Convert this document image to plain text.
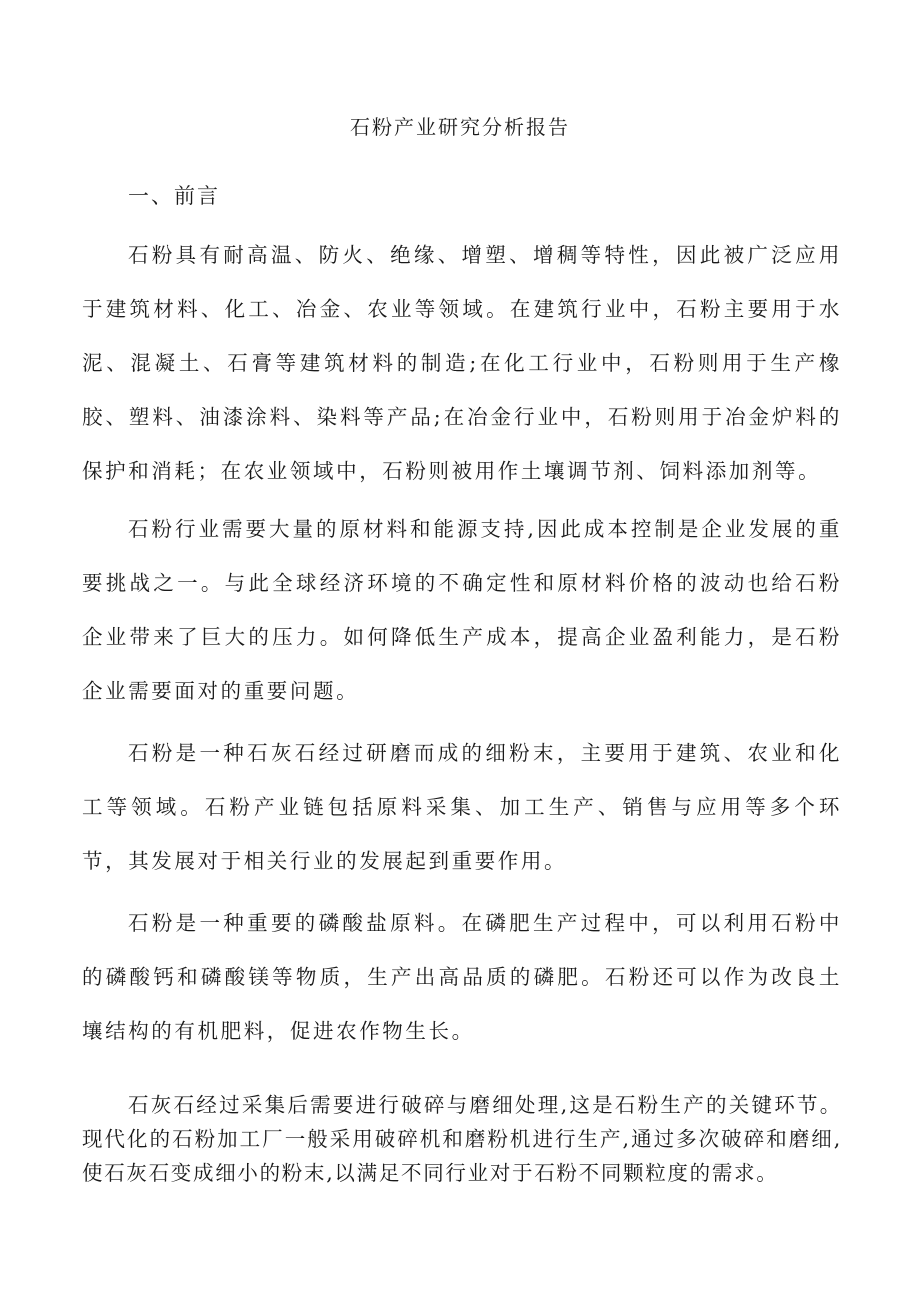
石粉产业研究分析报告
一、前言

石粉具有耐高温、防火、绝缘、增塑、增稠等特性，因此被广泛应用于建筑材料、化工、冶金、农业等领域。在建筑行业中，石粉主要用于水泥、混凝土、石膏等建筑材料的制造;在化工行业中，石粉则用于生产橡胶、塑料、油漆涂料、染料等产品;在冶金行业中，石粉则用于冶金炉料的保护和消耗；在农业领域中，石粉则被用作土壤调节剂、饲料添加剂等。

石粉行业需要大量的原材料和能源支持,因此成本控制是企业发展的重要挑战之一。与此全球经济环境的不确定性和原材料价格的波动也给石粉企业带来了巨大的压力。如何降低生产成本，提高企业盈利能力，是石粉企业需要面对的重要问题。

石粉是一种石灰石经过研磨而成的细粉末，主要用于建筑、农业和化工等领域。石粉产业链包括原料采集、加工生产、销售与应用等多个环节，其发展对于相关行业的发展起到重要作用。

石粉是一种重要的磷酸盐原料。在磷肥生产过程中，可以利用石粉中的磷酸钙和磷酸镁等物质，生产出高品质的磷肥。石粉还可以作为改良土壤结构的有机肥料，促进农作物生长。

石灰石经过采集后需要进行破碎与磨细处理,这是石粉生产的关键环节。现代化的石粉加工厂一般采用破碎机和磨粉机进行生产,通过多次破碎和磨细,使石灰石变成细小的粉末,以满足不同行业对于石粉不同颗粒度的需求。
